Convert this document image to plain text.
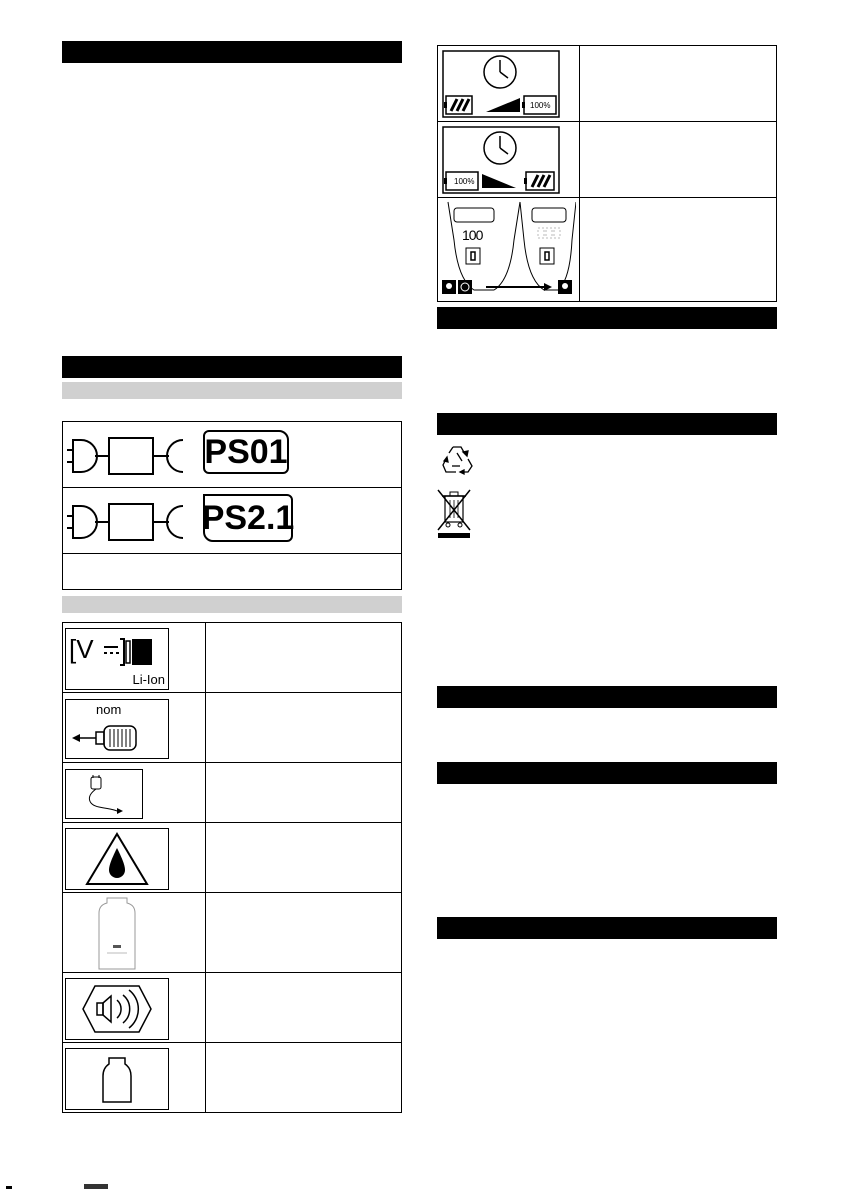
PS01
PS2.1
[V
Li-Ion
nom
100%
100%
100
